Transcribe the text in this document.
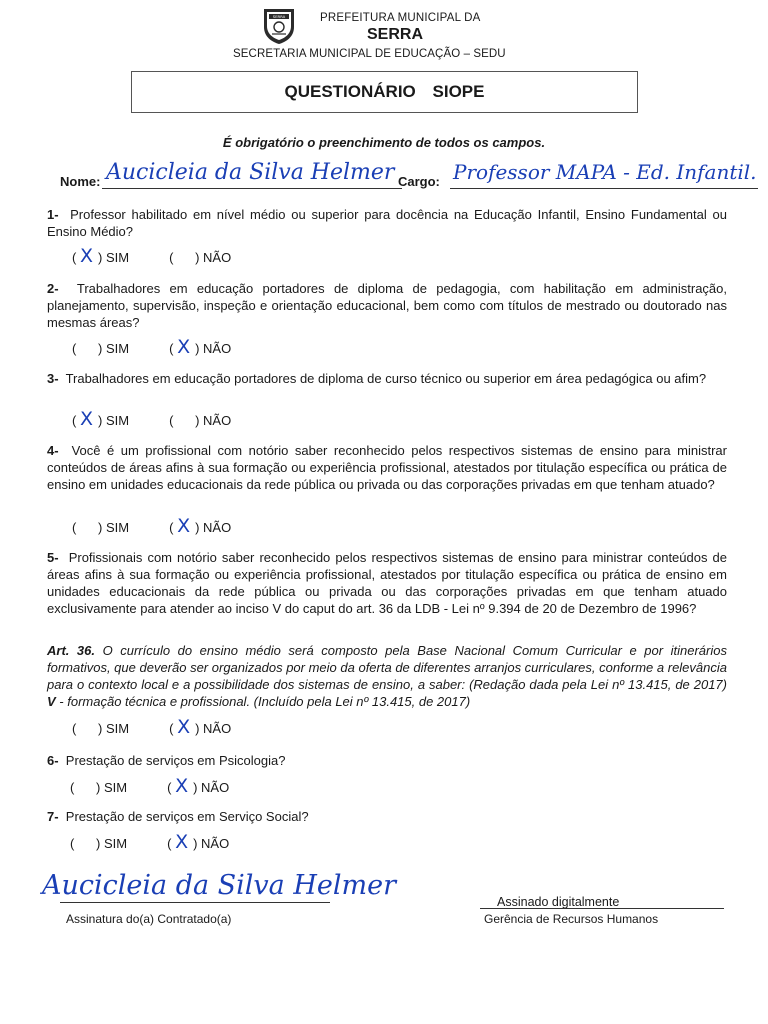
SERRA	PREFEITURA MUNICIPAL DA
SERRA
SECRETARIA MUNICIPAL DE EDUCAÇÃO – SEDU
QUESTIONÁRIO SIOPE
É obrigatório o preenchimento de todos os campos.
Nome: Aucicleia da Silva Helmer Cargo: Professor MAPA - Ed. Infantil.
1- Professor habilitado em nível médio ou superior para docência na Educação Infantil, Ensino Fundamental ou Ensino Médio?
( X ) SIM	(	) NÃO
2- Trabalhadores em educação portadores de diploma de pedagogia, com habilitação em administração, planejamento, supervisão, inspeção e orientação educacional, bem como com títulos de mestrado ou doutorado nas mesmas áreas?
(	) SIM	( X ) NÃO
3- Trabalhadores em educação portadores de diploma de curso técnico ou superior em área pedagógica ou afim?
( X ) SIM	(	) NÃO
4- Você é um profissional com notório saber reconhecido pelos respectivos sistemas de ensino para ministrar conteúdos de áreas afins à sua formação ou experiência profissional, atestados por titulação específica ou prática de ensino em unidades educacionais da rede pública ou privada ou das corporações privadas em que tenham atuado?
(	) SIM	( X ) NÃO
5- Profissionais com notório saber reconhecido pelos respectivos sistemas de ensino para ministrar conteúdos de áreas afins à sua formação ou experiência profissional, atestados por titulação específica ou prática de ensino em unidades educacionais da rede pública ou privada ou das corporações privadas em que tenham atuado exclusivamente para atender ao inciso V do caput do art. 36 da LDB - Lei nº 9.394 de 20 de Dezembro de 1996?
Art. 36. O currículo do ensino médio será composto pela Base Nacional Comum Curricular e por itinerários formativos, que deverão ser organizados por meio da oferta de diferentes arranjos curriculares, conforme a relevância para o contexto local e a possibilidade dos sistemas de ensino, a saber: (Redação dada pela Lei nº 13.415, de 2017) V - formação técnica e profissional. (Incluído pela Lei nº 13.415, de 2017)
(	) SIM	( X ) NÃO
6- Prestação de serviços em Psicologia?
(	) SIM	( X ) NÃO
7- Prestação de serviços em Serviço Social?
(	) SIM	( X ) NÃO
Aucicleia da Silva Helmer
Assinatura do(a) Contratado(a)
Assinado digitalmente
Gerência de Recursos Humanos
